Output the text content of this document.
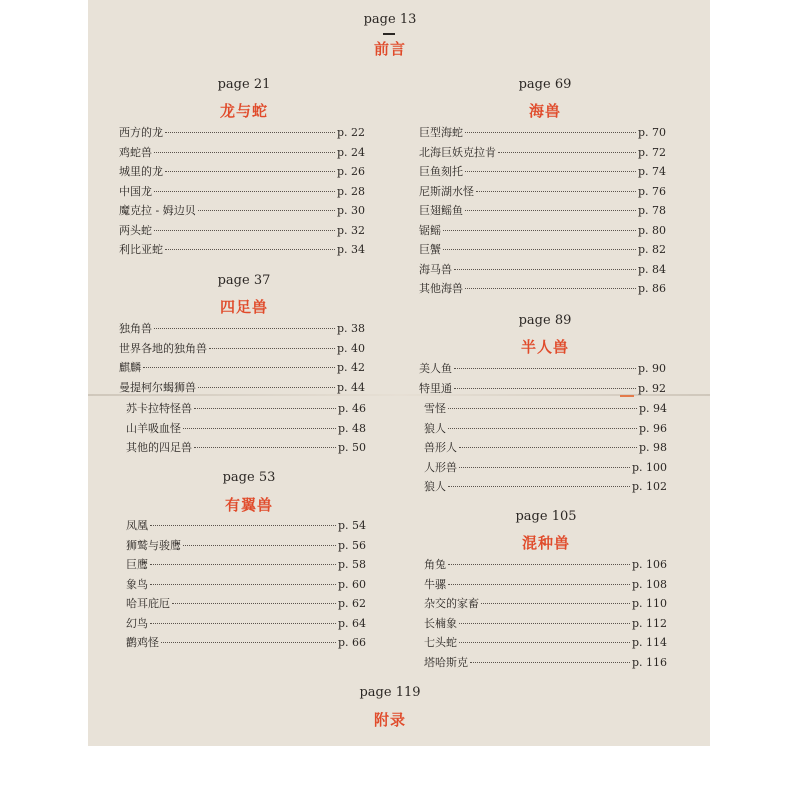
page 13
前言
page 21
龙与蛇
西方的龙	p. 22
鸡蛇兽	p. 24
城里的龙	p. 26
中国龙	p. 28
魔克拉 - 姆边贝	p. 30
两头蛇	p. 32
利比亚蛇	p. 34
page 37
四足兽
独角兽	p. 38
世界各地的独角兽	p. 40
麒麟	p. 42
曼提柯尔蝎狮兽	p. 44
苏卡拉特怪兽	p. 46
山羊吸血怪	p. 48
其他的四足兽	p. 50
page 53
有翼兽
凤凰	p. 54
狮鹫与骏鹰	p. 56
巨鹰	p. 58
象鸟	p. 60
哈耳庇厄	p. 62
幻鸟	p. 64
鹳鸡怪	p. 66
page 69
海兽
巨型海蛇	p. 70
北海巨妖克拉肯	p. 72
巨鱼刻托	p. 74
尼斯湖水怪	p. 76
巨翅鳐鱼	p. 78
锯鳐	p. 80
巨蟹	p. 82
海马兽	p. 84
其他海兽	p. 86
page 89
半人兽
美人鱼	p. 90
特里通	p. 92
雪怪	p. 94
狼人	p. 96
兽形人	p. 98
人形兽	p. 100
狼人	p. 102
page 105
混种兽
角兔	p. 106
牛骡	p. 108
杂交的家畜	p. 110
长楠象	p. 112
七头蛇	p. 114
塔哈斯克	p. 116
page 119
附录
